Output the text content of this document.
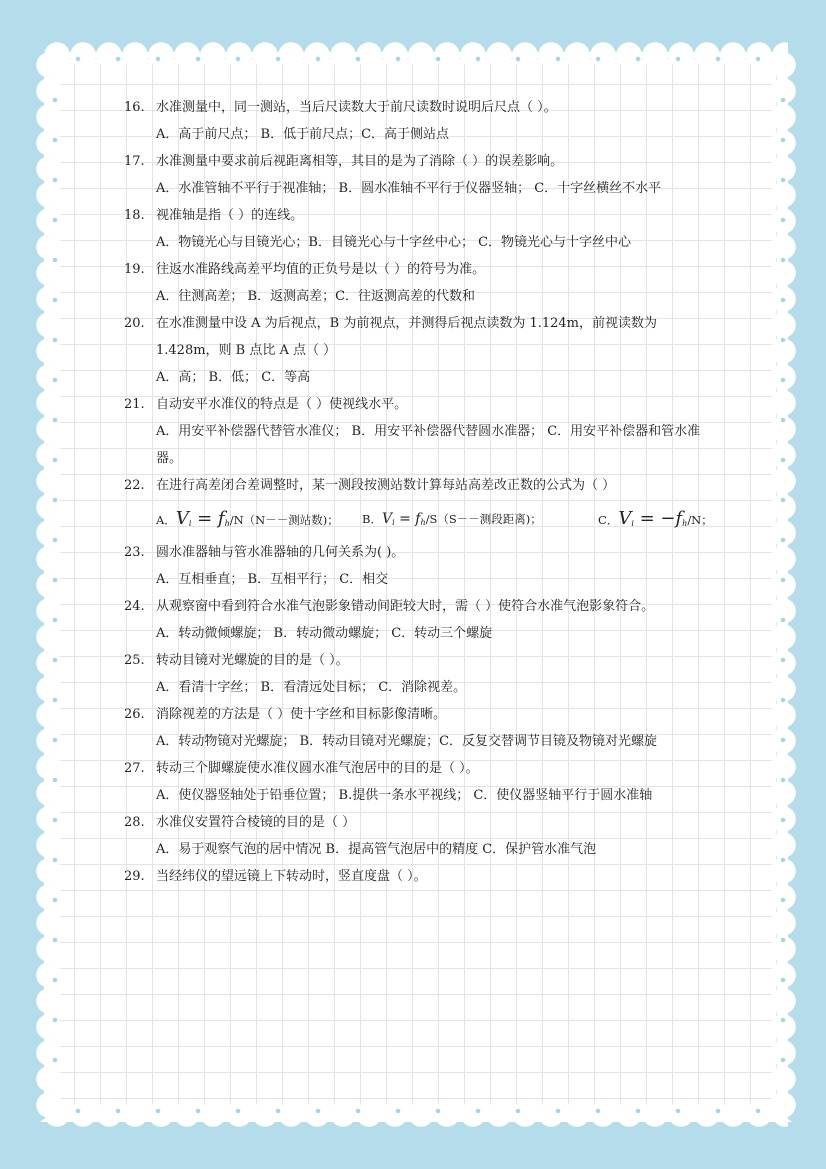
16. 水准测量中，同一测站，当后尺读数大于前尺读数时说明后尺点（ ）。
A．高于前尺点； B．低于前尺点；C．高于侧站点
17. 水准测量中要求前后视距离相等，其目的是为了消除（ ）的误差影响。
A．水准管轴不平行于视准轴； B．圆水准轴不平行于仪器竖轴； C．十字丝横丝不水平
18. 视准轴是指（ ）的连线。
A．物镜光心与目镜光心；B．目镜光心与十字丝中心； C．物镜光心与十字丝中心
19. 往返水准路线高差平均值的正负号是以（ ）的符号为准。
A．往测高差； B．返测高差；C．往返测高差的代数和
20. 在水准测量中设 A 为后视点，B 为前视点，并测得后视点读数为 1.124m，前视读数为 1.428m，则 B 点比 A 点（ ）
A．高； B．低； C．等高
21. 自动安平水准仪的特点是（ ）使视线水平。
A．用安平补偿器代替管水准仪； B．用安平补偿器代替圆水准器； C．用安平补偿器和管水准器。
22. 在进行高差闭合差调整时，某一测段按测站数计算每站高差改正数的公式为（ ）
A．$V_i = f_h/N(N--$测站数)；	B．$V_i = f_h/S(S--$测段距离)；	C．$V_i = -f_h/N$；
23. 圆水准器轴与管水准器轴的几何关系为( )。
A．互相垂直； B．互相平行； C．相交
24. 从观察窗中看到符合水准气泡影象错动间距较大时，需（ ）使符合水准气泡影象符合。
A．转动微倾螺旋； B．转动微动螺旋； C．转动三个螺旋
25. 转动目镜对光螺旋的目的是（ ）。
A．看清十字丝； B．看清远处目标； C．消除视差。
26. 消除视差的方法是（ ）使十字丝和目标影像清晰。
A．转动物镜对光螺旋； B．转动目镜对光螺旋；C．反复交替调节目镜及物镜对光螺旋
27. 转动三个脚螺旋使水准仪圆水准气泡居中的目的是（ ）。
A．使仪器竖轴处于铅垂位置； B.提供一条水平视线； C．使仪器竖轴平行于圆水准轴
28. 水准仪安置符合棱镜的目的是（ ）
A．易于观察气泡的居中情况 B．提高管气泡居中的精度 C．保护管水准气泡
29. 当经纬仪的望远镜上下转动时，竖直度盘（ ）。
